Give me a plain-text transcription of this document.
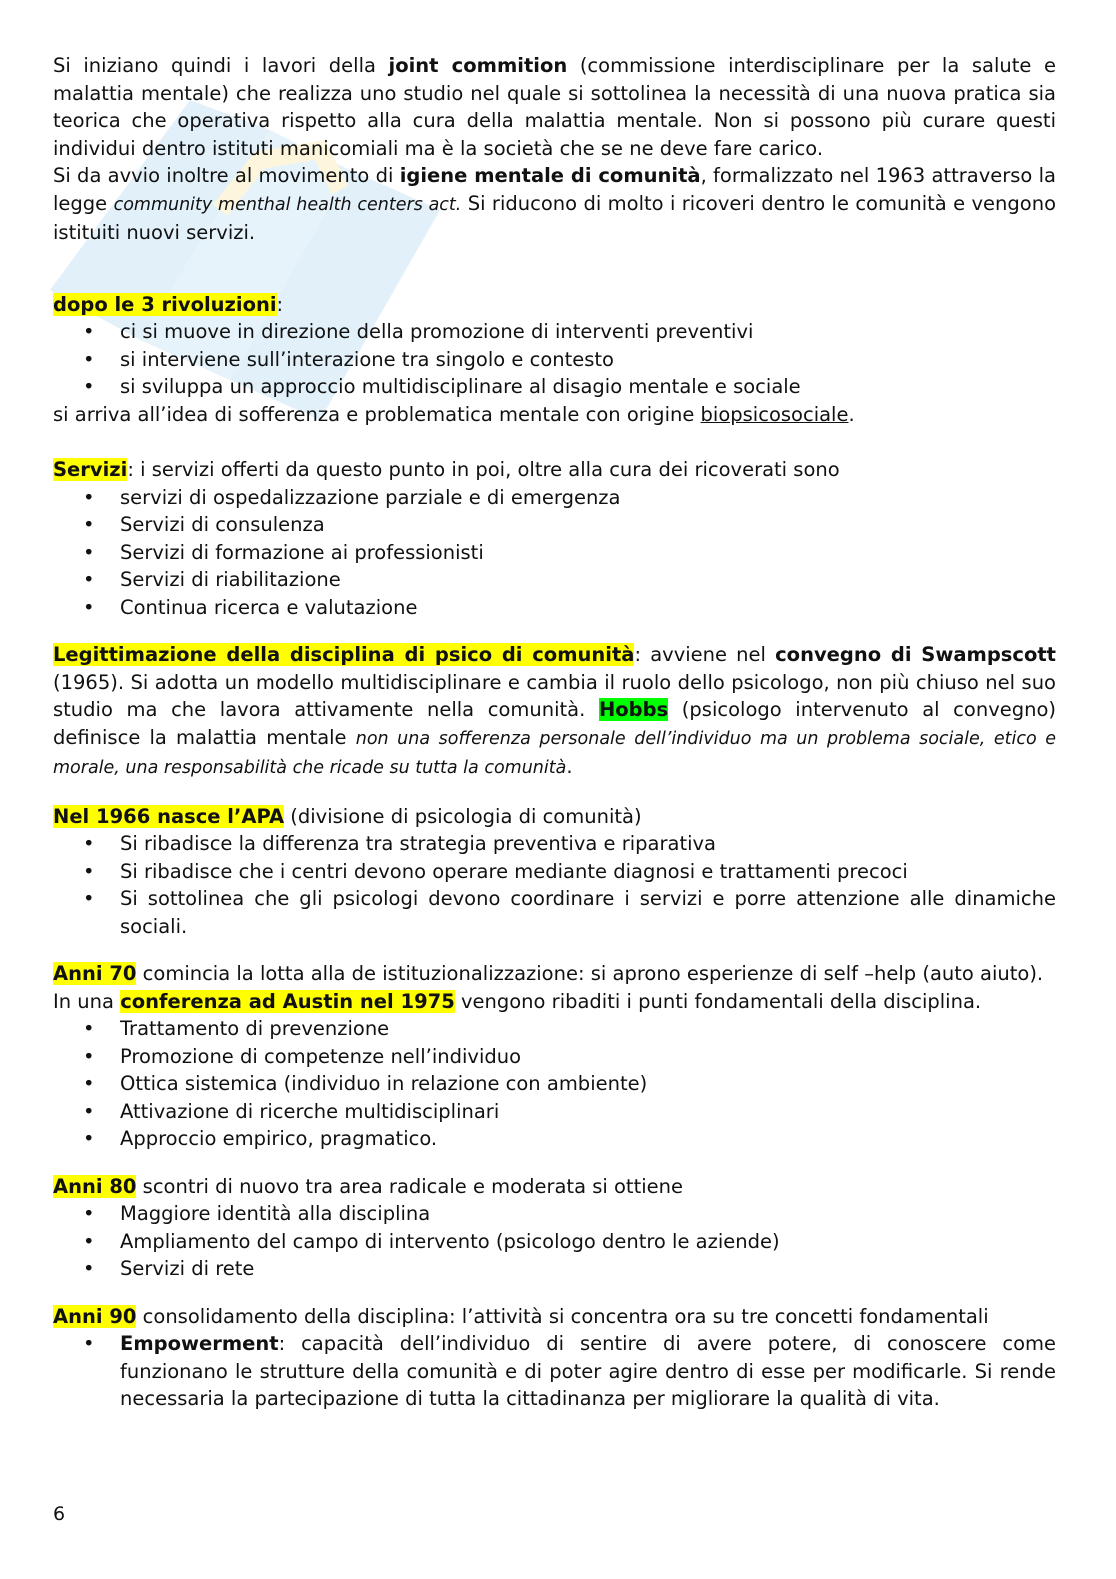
Si iniziano quindi i lavori della joint commition (commissione interdisciplinare per la salute e malattia mentale) che realizza uno studio nel quale si sottolinea la necessità di una nuova pratica sia teorica che operativa rispetto alla cura della malattia mentale. Non si possono più curare questi individui dentro istituti manicomiali ma è la società che se ne deve fare carico.

Si da avvio inoltre al movimento di igiene mentale di comunità, formalizzato nel 1963 attraverso la legge community menthal health centers act. Si riducono di molto i ricoveri dentro le comunità e vengono istituiti nuovi servizi.

dopo le 3 rivoluzioni:

• ci si muove in direzione della promozione di interventi preventivi
• si interviene sull’interazione tra singolo e contesto
• si sviluppa un approccio multidisciplinare al disagio mentale e sociale

si arriva all’idea di sofferenza e problematica mentale con origine biopsicosociale.

Servizi: i servizi offerti da questo punto in poi, oltre alla cura dei ricoverati sono

• servizi di ospedalizzazione parziale e di emergenza
• Servizi di consulenza
• Servizi di formazione ai professionisti
• Servizi di riabilitazione
• Continua ricerca e valutazione

Legittimazione della disciplina di psico di comunità: avviene nel convegno di Swampscott (1965). Si adotta un modello multidisciplinare e cambia il ruolo dello psicologo, non più chiuso nel suo studio ma che lavora attivamente nella comunità. Hobbs (psicologo intervenuto al convegno) definisce la malattia mentale non una sofferenza personale dell’individuo ma un problema sociale, etico e morale, una responsabilità che ricade su tutta la comunità.

Nel 1966 nasce l’APA (divisione di psicologia di comunità)

• Si ribadisce la differenza tra strategia preventiva e riparativa
• Si ribadisce che i centri devono operare mediante diagnosi e trattamenti precoci
• Si sottolinea che gli psicologi devono coordinare i servizi e porre attenzione alle dinamiche sociali.

Anni 70 comincia la lotta alla de istituzionalizzazione: si aprono esperienze di self –help (auto aiuto).

In una conferenza ad Austin nel 1975 vengono ribaditi i punti fondamentali della disciplina.

• Trattamento di prevenzione
• Promozione di competenze nell’individuo
• Ottica sistemica (individuo in relazione con ambiente)
• Attivazione di ricerche multidisciplinari
• Approccio empirico, pragmatico.

Anni 80 scontri di nuovo tra area radicale e moderata si ottiene

• Maggiore identità alla disciplina
• Ampliamento del campo di intervento (psicologo dentro le aziende)
• Servizi di rete

Anni 90 consolidamento della disciplina: l’attività si concentra ora su tre concetti fondamentali

• Empowerment: capacità dell’individuo di sentire di avere potere, di conoscere come funzionano le strutture della comunità e di poter agire dentro di esse per modificarle. Si rende necessaria la partecipazione di tutta la cittadinanza per migliorare la qualità di vita.
6
